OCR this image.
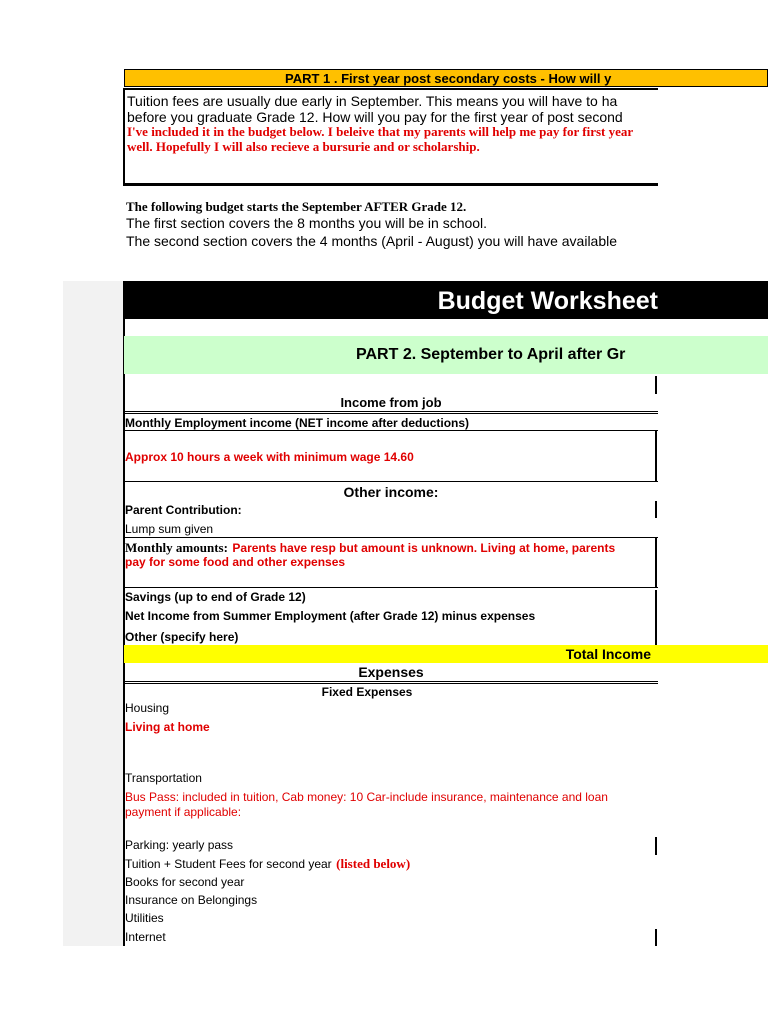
PART 1 . First year post secondary costs - How will y
Tuition fees are usually due early in September. This means you will have to ha
before you graduate Grade 12. How will you pay for the first year of post second
I've included it in the budget below. I beleive that my parents will help me pay for first year
well. Hopefully I will also recieve a bursurie and or scholarship.
The following budget starts the September AFTER Grade 12.
The first section covers the 8 months you will be in school.
The second section covers the 4 months (April - August) you will have available
Budget Worksheet
PART 2. September to April after Gr
Income from job
Monthly Employment income (NET income after deductions)
Approx 10 hours a week with minimum wage 14.60
Other income:
Parent Contribution:
Lump sum given
Monthly amounts: Parents have resp but amount is unknown. Living at home, parents
pay for some food and other expenses
Savings (up to end of Grade 12)
Net Income from Summer Employment (after Grade 12) minus expenses
Other (specify here)
Total Income
Expenses
Fixed Expenses
Housing
Living at home
Transportation
Bus Pass: included in tuition, Cab money: 10 Car-include insurance, maintenance and loan
payment if applicable:
Parking: yearly pass
Tuition + Student Fees for second year (listed below)
Books for second year
Insurance on Belongings
Utilities
Internet
